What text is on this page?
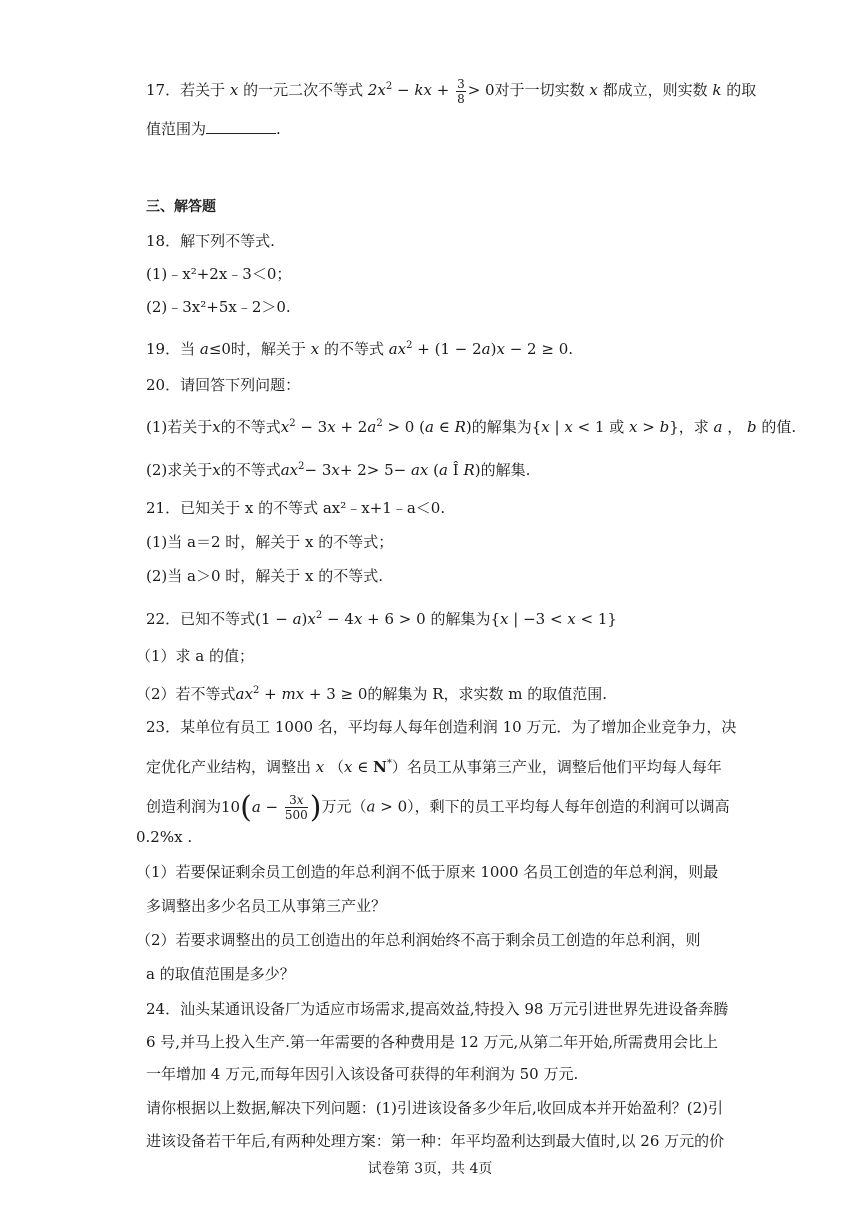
17．若关于 x 的一元二次不等式 $2x^2$ − kx + $\frac{3}{8} > 0$对于一切实数 x 都成立，则实数 k 的取
值范围为	.
三、解答题
18．解下列不等式.
(1)﹣x²+2x﹣3＜0；
(2)﹣3x²+5x﹣2＞0.
19．当 a≤0时，解关于 x 的不等式 $ax^2 + (1 - 2a)x - 2 \ge 0$.
20．请回答下列问题：
(1)若关于x的不等式$x^2 - 3x + 2a^2 > 0$ (a ∈ R)的解集为{x | x < 1 或 x > b}，求 a ， b 的值.
(2)求关于x的不等式$ax^2- 3x+ 2> 5-$ ax (a Î R)的解集.
21．已知关于 x 的不等式 ax²﹣x+1﹣a＜0.
(1)当 a＝2 时，解关于 x 的不等式；
(2)当 a＞0 时，解关于 x 的不等式.
22．已知不等式$(1 - a)x^2 - 4x + 6 > 0$ 的解集为{x | −3 < x < 1}
（1）求 a 的值；
（2）若不等式$ax^2$ + mx + 3 ≥ 0的解集为 R，求实数 m 的取值范围.
23．某单位有员工 1000 名，平均每人每年创造利润 10 万元．为了增加企业竞争力，决
定优化产业结构，调整出 x （x ∈ N*）名员工从事第三产业，调整后他们平均每人每年
创造利润为$10(a - \frac{3x}{500}$ )万元（a > 0），剩下的员工平均每人每年创造的利润可以调高
0.2%x .
（1）若要保证剩余员工创造的年总利润不低于原来 1000 名员工创造的年总利润，则最
多调整出多少名员工从事第三产业？
（2）若要求调整出的员工创造出的年总利润始终不高于剩余员工创造的年总利润，则
a 的取值范围是多少？
24．汕头某通讯设备厂为适应市场需求,提高效益,特投入 98 万元引进世界先进设备奔腾
6 号,并马上投入生产.第一年需要的各种费用是 12 万元,从第二年开始,所需费用会比上
一年增加 4 万元,而每年因引入该设备可获得的年利润为 50 万元.
请你根据以上数据,解决下列问题：(1)引进该设备多少年后,收回成本并开始盈利？(2)引
进该设备若干年后,有两种处理方案：第一种：年平均盈利达到最大值时,以 26 万元的价
试卷第 3页，共 4页
